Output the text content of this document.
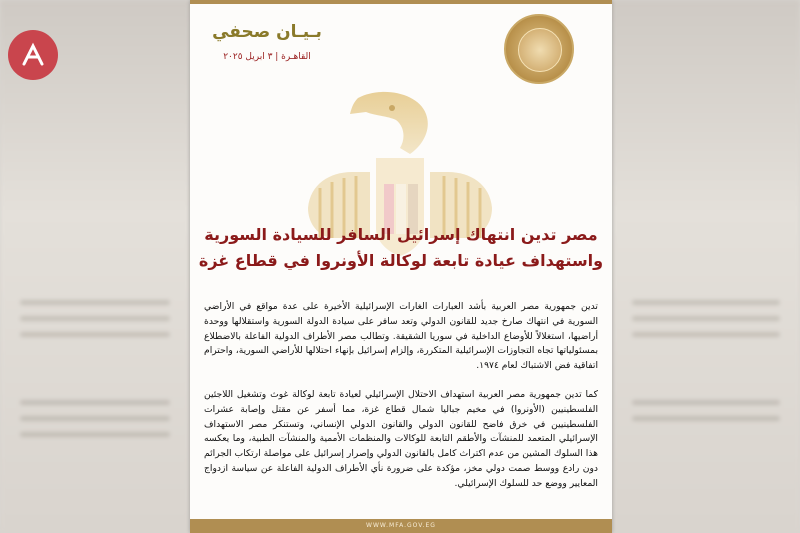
بـيـان صحفي
القاهـرة | ٣ ابريل ٢٠٢٥
مصر تدين انتهاك إسرائيل السافر للسيادة السورية
واستهداف عيادة تابعة لوكالة الأونروا في قطاع غزة
تدين جمهورية مصر العربية بأشد العبارات الغارات الإسرائيلية الأخيرة على عدة مواقع في الأراضي السورية في انتهاك صارخ جديد للقانون الدولي وتعد سافر على سيادة الدولة السورية واستقلالها ووحدة أراضيها، استغلالاً للأوضاع الداخلية في سوريا الشقيقة. وتطالب مصر الأطراف الدولية الفاعلة بالاضطلاع بمسئولياتها تجاه التجاوزات الإسرائيلية المتكررة، وإلزام إسرائيل بإنهاء احتلالها للأراضي السورية، واحترام اتفاقية فض الاشتباك لعام ١٩٧٤.
كما تدين جمهورية مصر العربية استهداف الاحتلال الإسرائيلي لعيادة تابعة لوكالة غوث وتشغيل اللاجئين الفلسطينيين (الأونروا) في مخيم جباليا شمال قطاع غزة، مما أسفر عن مقتل وإصابة عشرات الفلسطينيين في خرق فاضح للقانون الدولي والقانون الدولي الإنساني، وتستنكر مصر الاستهداف الإسرائيلي المتعمد للمنشآت والأطقم التابعة للوكالات والمنظمات الأممية والمنشآت الطبية، وما يعكسه هذا السلوك المشين من عدم اكتراث كامل بالقانون الدولي وإصرار إسرائيل على مواصلة ارتكاب الجرائم دون رادع ووسط صمت دولي مخز، مؤكدة على ضرورة نأي الأطراف الدولية الفاعلة عن سياسة ازدواج المعايير ووضع حد للسلوك الإسرائيلي.
WWW.MFA.GOV.EG
